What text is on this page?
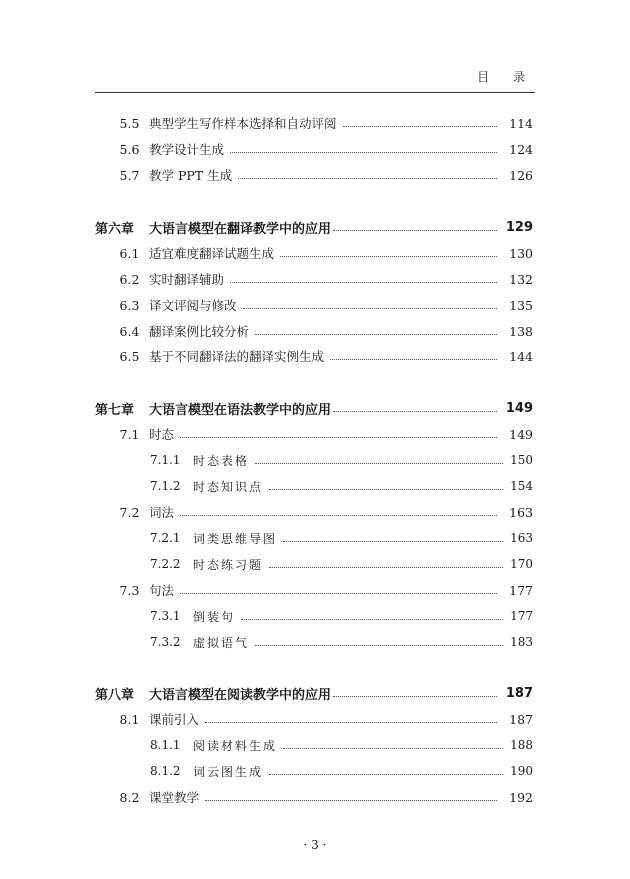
目 录
5.5 典型学生写作样本选择和自动评阅	114
5.6 教学设计生成	124
5.7 教学 PPT 生成	126
第六章	大语言模型在翻译教学中的应用	129
6.1 适宜难度翻译试题生成	130
6.2 实时翻译辅助	132
6.3 译文评阅与修改	135
6.4 翻译案例比较分析	138
6.5 基于不同翻译法的翻译实例生成	144
第七章	大语言模型在语法教学中的应用	149
7.1 时态	149
7.1.1	时态表格	150
7.1.2	时态知识点	154
7.2 词法	163
7.2.1	词类思维导图	163
7.2.2	时态练习题	170
7.3 句法	177
7.3.1	倒装句	177
7.3.2	虚拟语气	183
第八章	大语言模型在阅读教学中的应用	187
8.1 课前引入	187
8.1.1	阅读材料生成	188
8.1.2	词云图生成	190
8.2 课堂教学	192
· 3 ·
